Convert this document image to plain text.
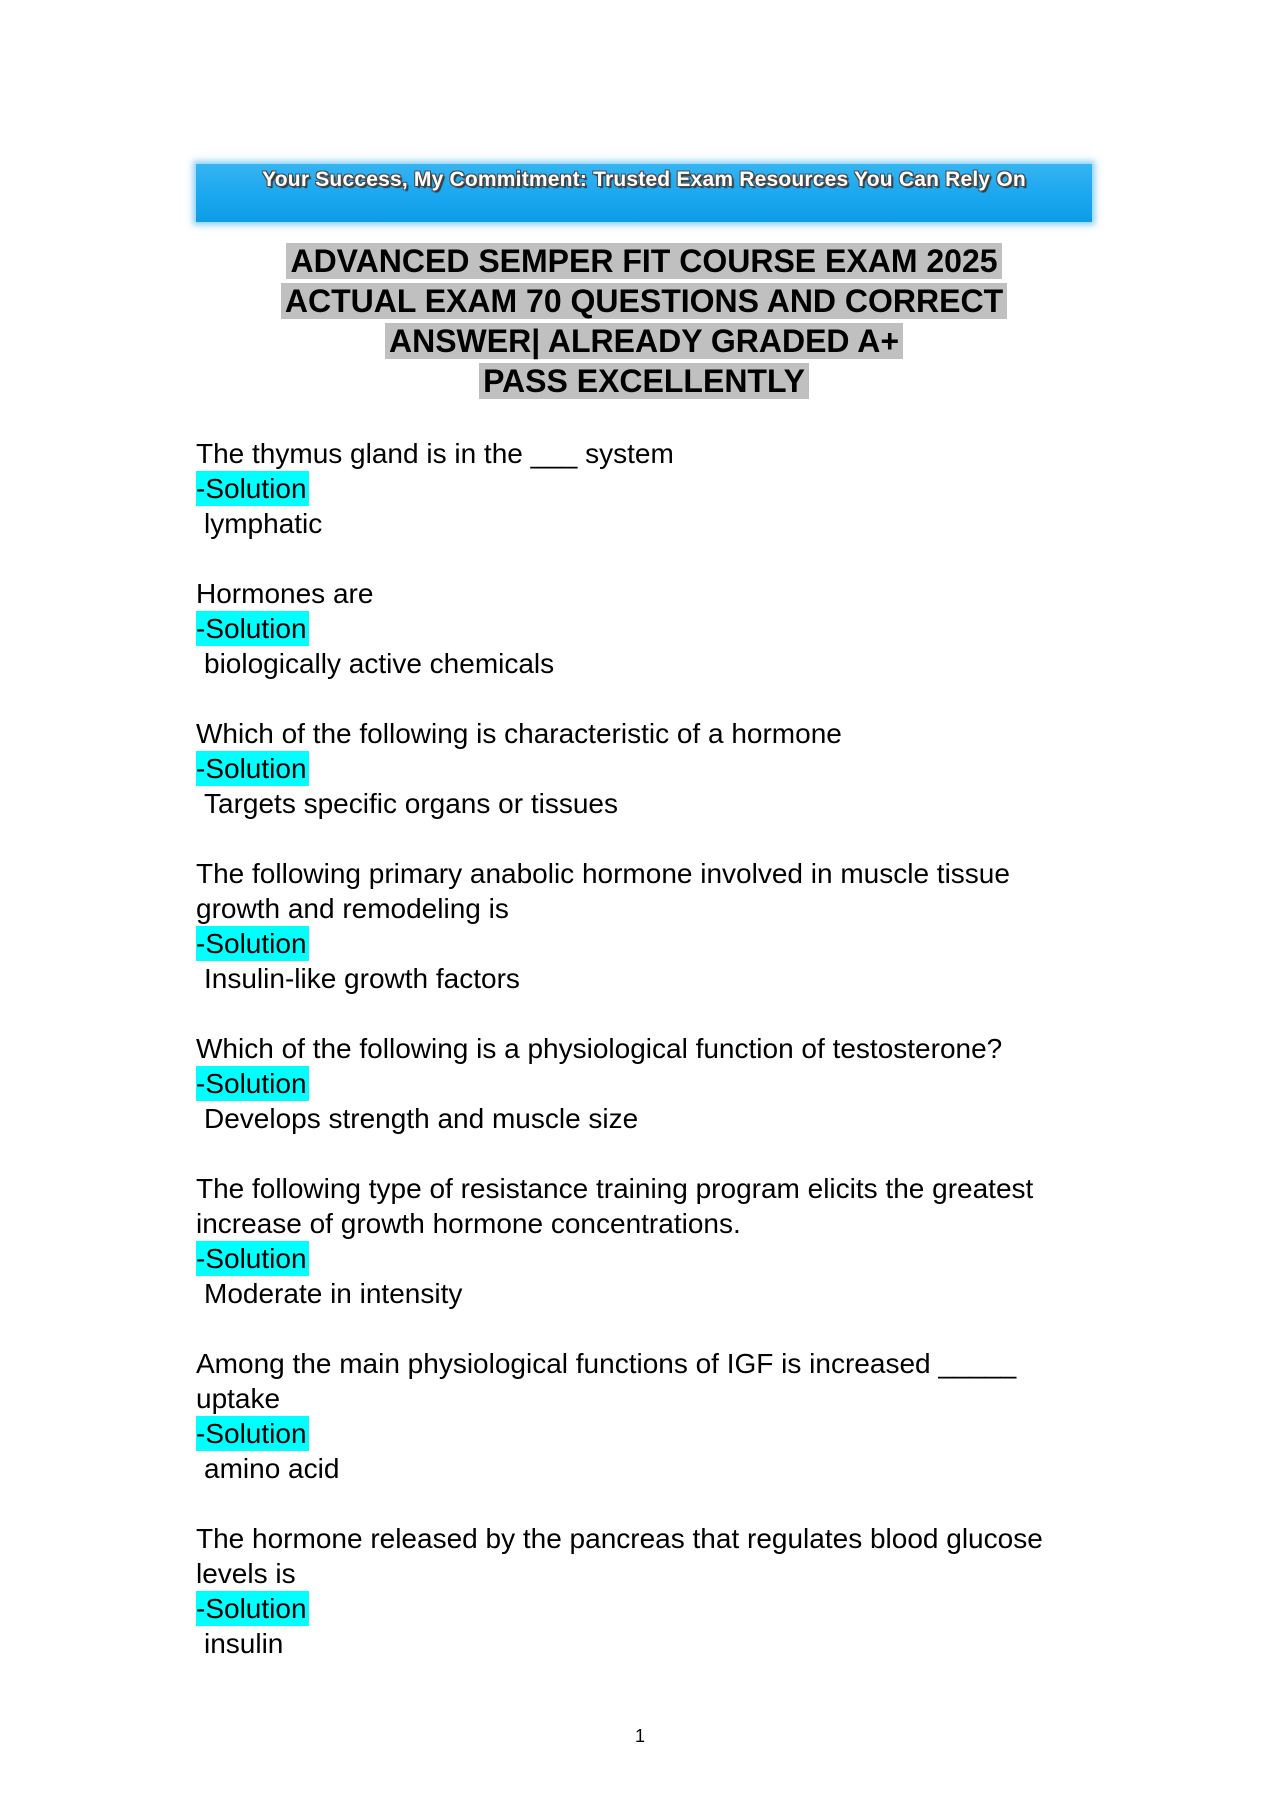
Your Success, My Commitment: Trusted Exam Resources You Can Rely On
ADVANCED SEMPER FIT COURSE EXAM 2025
ACTUAL EXAM 70 QUESTIONS AND CORRECT
ANSWER| ALREADY GRADED A+
PASS EXCELLENTLY
The thymus gland is in the ___ system
-Solution
lymphatic
Hormones are
-Solution
biologically active chemicals
Which of the following is characteristic of a hormone
-Solution
Targets specific organs or tissues
The following primary anabolic hormone involved in muscle tissue growth and remodeling is
-Solution
Insulin-like growth factors
Which of the following is a physiological function of testosterone?
-Solution
Develops strength and muscle size
The following type of resistance training program elicits the greatest increase of growth hormone concentrations.
-Solution
Moderate in intensity
Among the main physiological functions of IGF is increased _____ uptake
-Solution
amino acid
The hormone released by the pancreas that regulates blood glucose levels is
-Solution
insulin
1
